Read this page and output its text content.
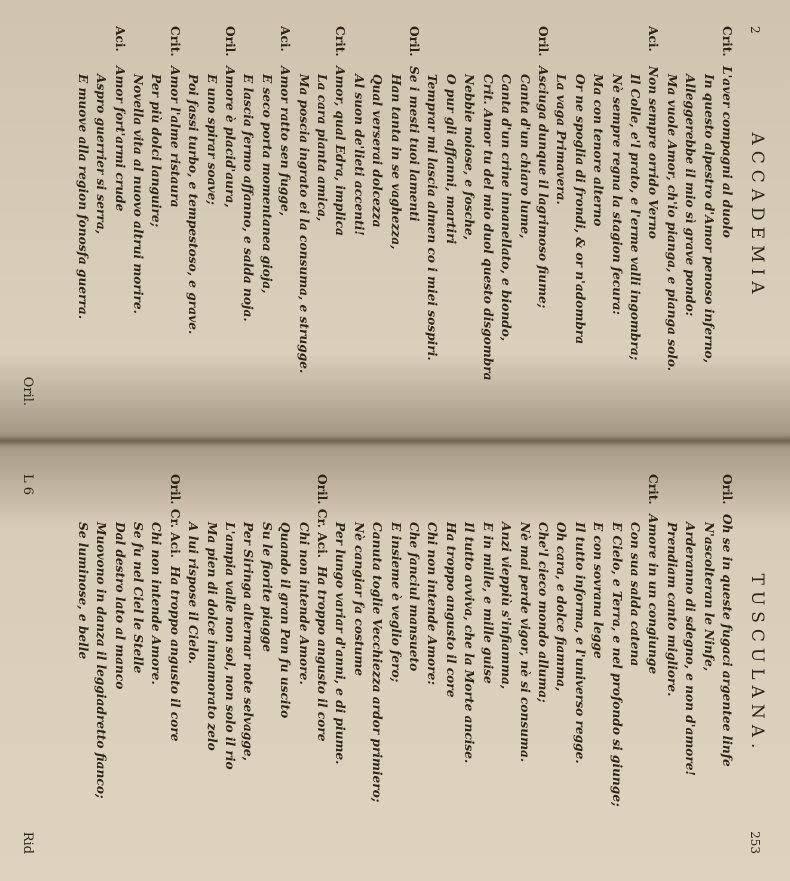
2
ACCADEMIA
Crit.
L'aver compagni al duolo
In questo alpestro d'Amor penoso inferno,
Alleggerebbe il mio sì grave pondo:
Ma vuole Amor, ch'io pianga, e pianga solo.
Aci.
Non sempre orrido Verno
Il Colle, e'l prato, e l'erme valli ingombra;
Nè sempre regna la stagion fecura:
Ma con tenore alterno
Or ne spoglia di frondi, & or n'adombra
La vaga Primavera.
Oril.
Asciuga dunque il lagrimoso fiume;
Canta d'un chiaro lume,
Canta d'un crine innanellato, e biondo,
Crit. Amor tu del mio duol questo disgombra
Nebbie noiose, e fosche,
O pur gli affanni, martiri
Temprar mi lascia almen co i miei sospiri.
Oril.
Se i mesti tuoi lamenti
Han tanta in se vaghezza,
Qual verserai dolcezza
Al suon de'lieti accenti!
Crit.
Amor, qual Edra, implica
La cara pianta amica,
Ma poscia ingrato ei la consuma, e strugge.
Aci.
Amor ratto sen fugge,
E seco porta momentanea gioja,
E lascia fermo affanno, e salda noja.
Oril.
Amore è placid'aura,
E uno spirar soave;
Poi fassi turbo, e tempestoso, e grave.
Crit.
Amor l'alme ristaura
Per più dolci languire;
Novella vita al nuovo altrui morire.
Aci.
Amor fort'armi crude
Aspro guerrier si serra,
E muove alla region fonosfa guerra.
Oril.
TUSCULANA.
253
Oril.
Oh se in queste fugaci argentee linfe
N'ascolteran le Ninfe,
Arderanno di sdegno, e non d'amore!
Prendiam canto migliore.
Crit.
Amore in un congiunge
Con sua salda catena
E Cielo, e Terra, e nel profondo si giunge;
E con sovrana legge
Il tutto informa, e l'universo regge.
Oh cara, e dolce fiamma,
Che'l cieco mondo alluma;
Nè mai perde vigor, nè si consuma.
Anzi vieppiù s'infiamma,
E in mille, e mille guise
Il tutto avviva, che la Morte ancise.
Ha troppo angusto il core
Chi non intende Amore:
Che fanciul mansueto
E insieme è veglio fero;
Canuta toglie Vecchiezza ardor primiero;
Nè cangiar fa costume
Per lungo variar d'anni, e di piume.
Oril. Cr. Aci.
Ha troppo angusto il core
Chi non intende Amore.
Quando il gran Pan fu uscito
Su le fiorite piagge
Per Siringa alternar note selvagge,
L'ampia valle non sol, non solo il rio
Ma pien di dolce innamorato zelo
A lui rispose il Cielo.
Oril. Cr. Aci.
Ha troppo angusto il core
Chi non intende Amore.
Se fu nel Ciel le Stelle
Dal destro lato al manco
Muovono in danza il leggiadretto fianco;
Se luminose, e belle
L 6
Rid
